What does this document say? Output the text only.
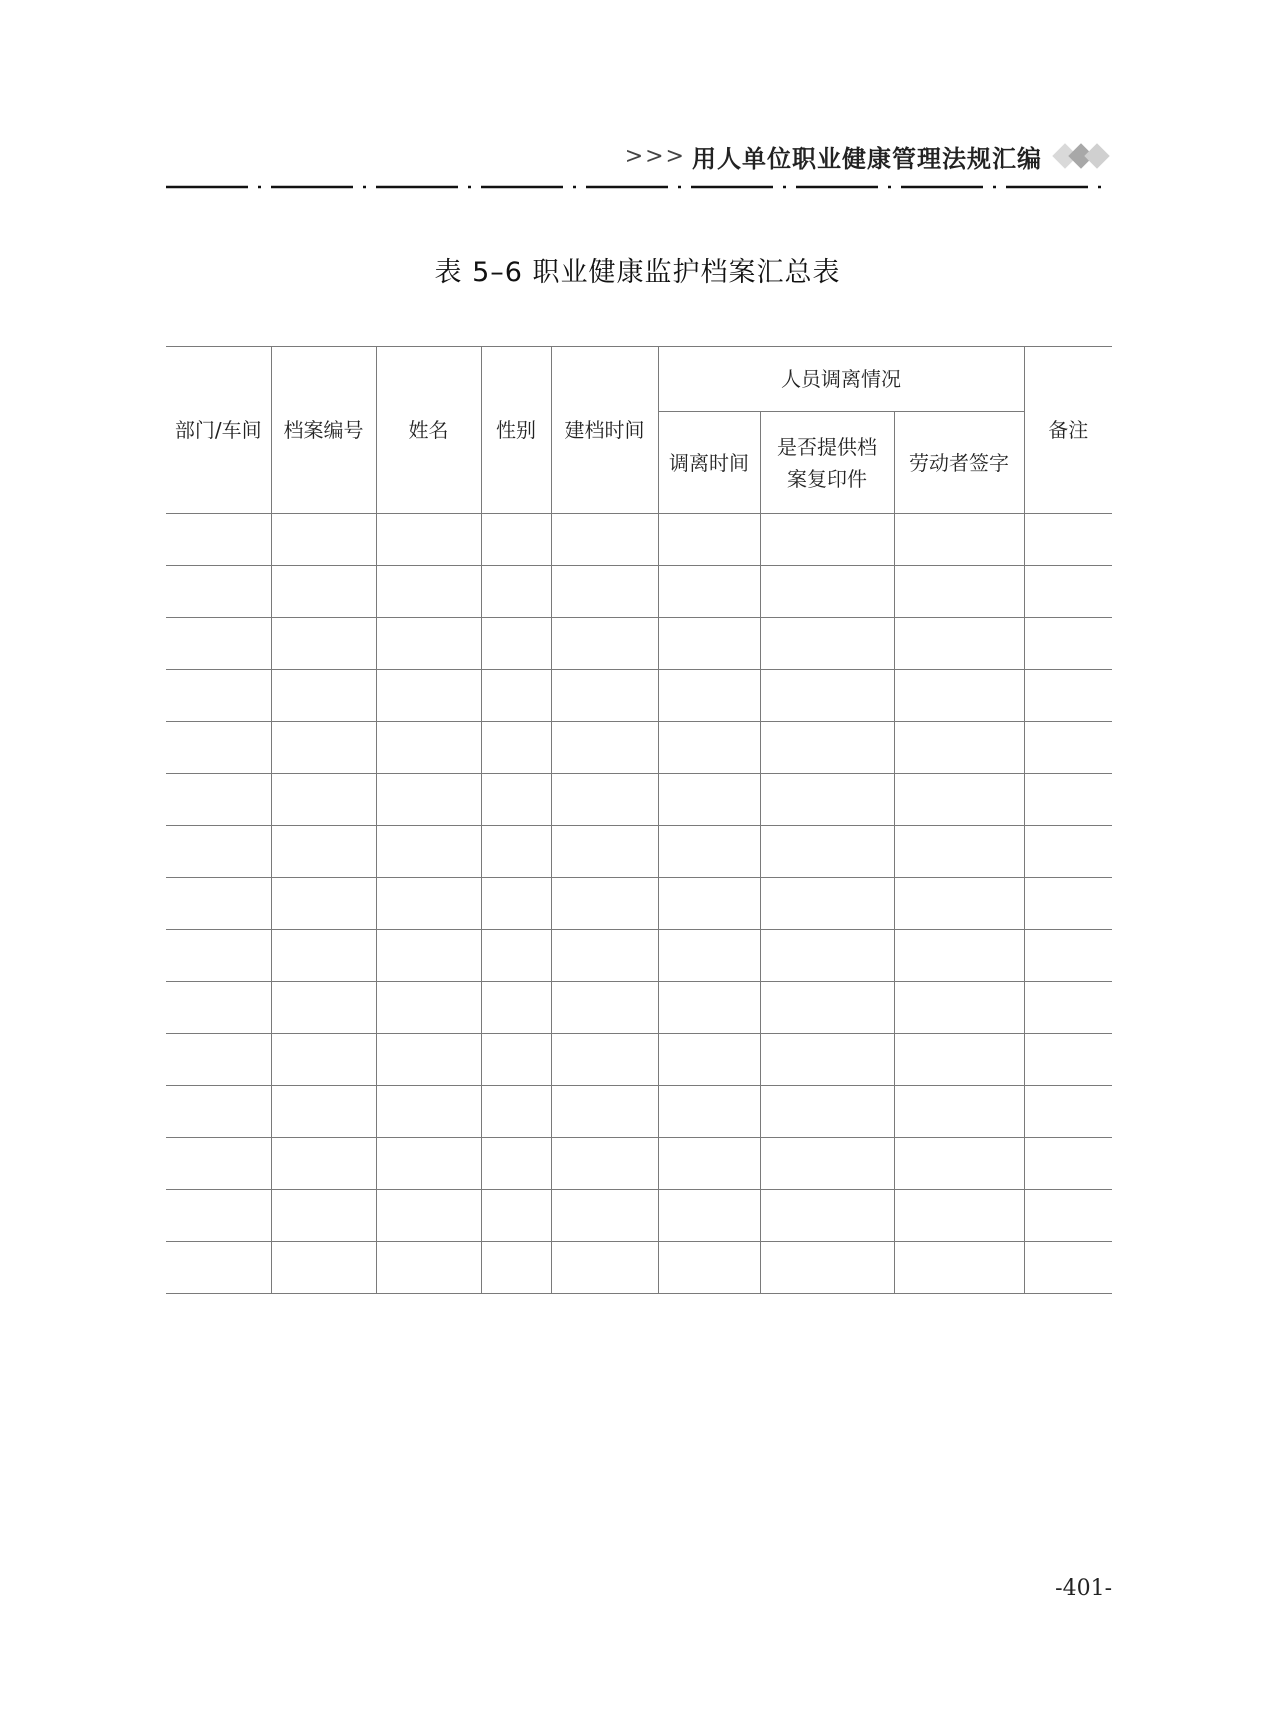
>>> 用人单位职业健康管理法规汇编
表 5–6 职业健康监护档案汇总表
部门/车间	档案编号	姓名	性别	建档时间	人员调离情况			备注
					调离时间	是否提供档案复印件	劳动者签字	

-401-
